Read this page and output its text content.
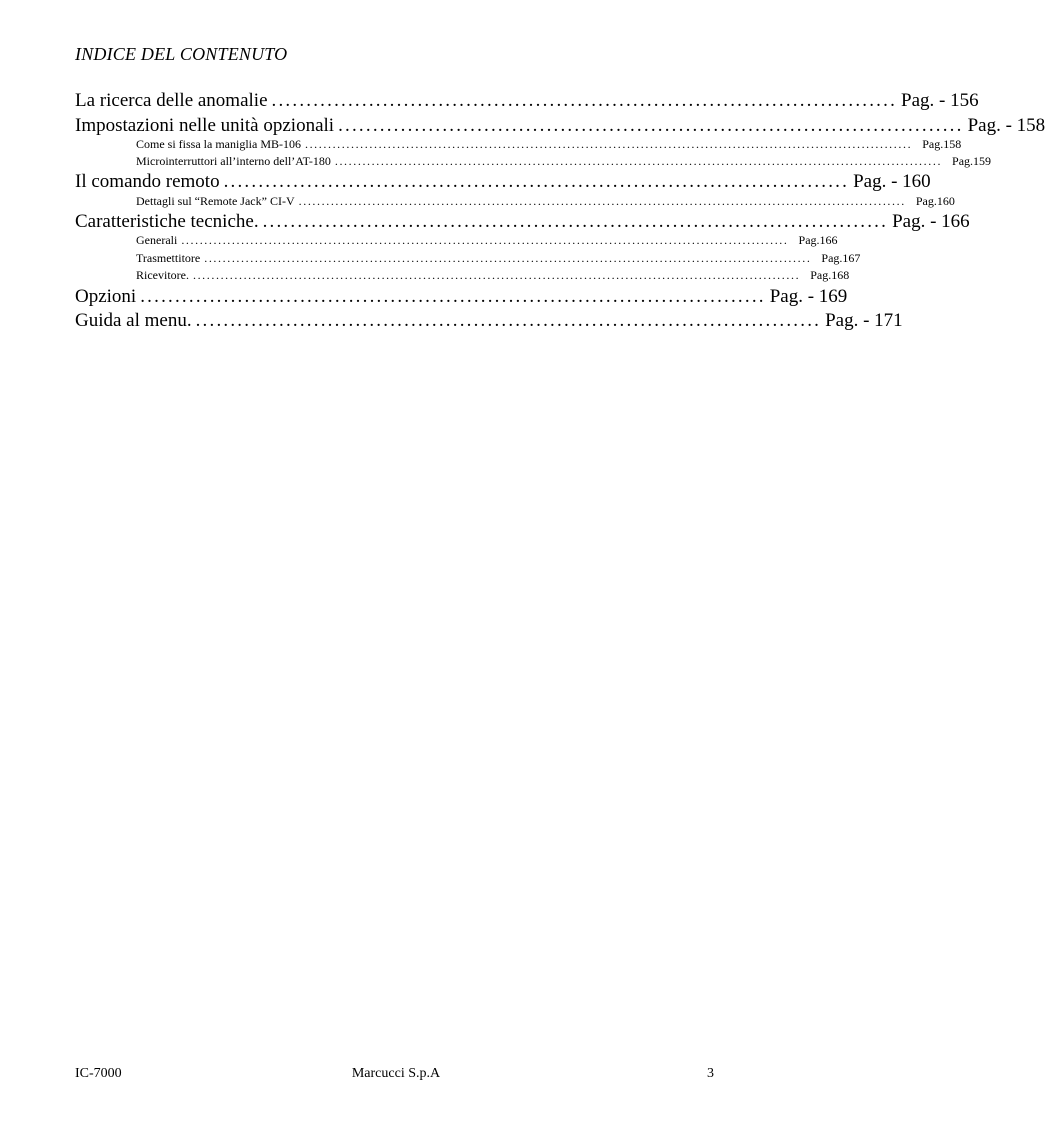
INDICE DEL CONTENUTO
La ricerca delle anomalie .......................................................................................... Pag. - 156
Impostazioni nelle unità opzionali .......................................................................................... Pag. - 158
Come si fissa la maniglia MB-106 .................................................................................................................................... Pag.158
Microinterruttori all’interno dell’AT-180 .................................................................................................................................... Pag.159
Il comando remoto .......................................................................................... Pag. - 160
Dettagli sul “Remote Jack” CI-V .................................................................................................................................... Pag.160
Caratteristiche tecniche. .......................................................................................... Pag. - 166
Generali .................................................................................................................................... Pag.166
Trasmettitore .................................................................................................................................... Pag.167
Ricevitore. .................................................................................................................................... Pag.168
Opzioni .......................................................................................... Pag. - 169
Guida al menu. .......................................................................................... Pag. - 171
IC-7000	Marcucci S.p.A	3
